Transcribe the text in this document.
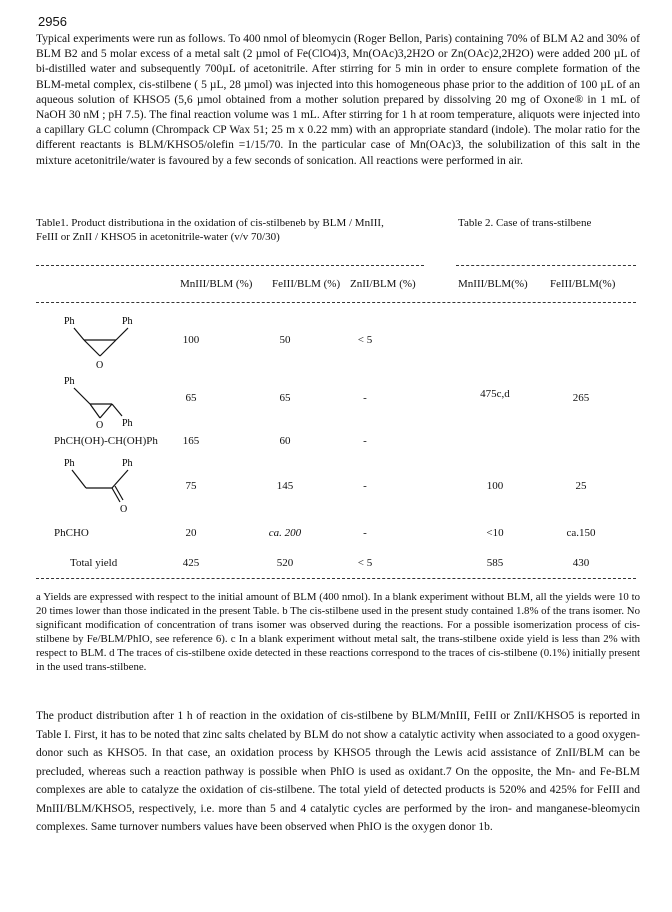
2956
Typical experiments were run as follows. To 400 nmol of bleomycin (Roger Bellon, Paris) containing 70% of BLM A2 and 30% of BLM B2 and 5 molar excess of a metal salt (2 µmol of Fe(ClO4)3, Mn(OAc)3,2H2O or Zn(OAc)2,2H2O) were added 200 µL of bi-distilled water and subsequently 700µL of acetonitrile. After stirring for 5 min in order to ensure complete formation of the BLM-metal complex, cis-stilbene ( 5 µL, 28 µmol) was injected into this homogeneous phase prior to the addition of 100 µL of an aqueous solution of KHSO5 (5,6 µmol obtained from a mother solution prepared by dissolving 20 mg of Oxone® in 1 mL of NaOH 30 nM ; pH 7.5). The final reaction volume was 1 mL. After stirring for 1 h at room temperature, aliquots were injected into a capillary GLC column (Chrompack CP Wax 51; 25 m x 0.22 mm) with an appropriate standard (indole). The molar ratio for the different reactants is BLM/KHSO5/olefin =1/15/70. In the particular case of Mn(OAc)3, the solubilization of this salt in the mixture acetonitrile/water is favoured by a few seconds of sonication. All reactions were performed in air.
Table1. Product distributiona in the oxidation of cis-stilbeneb by BLM / MnIII, FeIII or ZnII / KHSO5 in acetonitrile-water (v/v 70/30)
Table 2. Case of trans-stilbene
MnIII/BLM (%) FeIII/BLM (%) ZnII/BLM (%)	MnIII/BLM(%) FeIII/BLM(%)
Ph	Ph
O
100	50	< 5
Ph
O Ph
65	65	-	475c,d	265
PhCH(OH)-CH(OH)Ph	165	60	-
Ph	Ph
O
75	145	-	100	25
PhCHO	20	ca. 200	-	<10	ca.150
Total yield	425	520	< 5	585	430
a Yields are expressed with respect to the initial amount of BLM (400 nmol). In a blank experiment without BLM, all the yields were 10 to 20 times lower than those indicated in the present Table. b The cis-stilbene used in the present study contained 1.8% of the trans isomer. No significant modification of concentration of trans isomer was observed during the reactions. For a possible isomerization process of cis-stilbene by Fe/BLM/PhIO, see reference 6). c In a blank experiment without metal salt, the trans-stilbene oxide yield is less than 2% with respect to BLM. d The traces of cis-stilbene oxide detected in these reactions correspond to the traces of cis-stilbene (0.1%) initially present in the used trans-stilbene.
The product distribution after 1 h of reaction in the oxidation of cis-stilbene by BLM/MnIII, FeIII or ZnII/KHSO5 is reported in Table I. First, it has to be noted that zinc salts chelated by BLM do not show a catalytic activity when associated to a good oxygen-donor such as KHSO5. In that case, an oxidation process by KHSO5 through the Lewis acid assistance of ZnII/BLM can be precluded, whereas such a reaction pathway is possible when PhIO is used as oxidant.7 On the opposite, the Mn- and Fe-BLM complexes are able to catalyze the oxidation of cis-stilbene. The total yield of detected products is 520% and 425% for FeIII and MnIII/BLM/KHSO5, respectively, i.e. more than 5 and 4 catalytic cycles are performed by the iron- and manganese-bleomycin complexes. Same turnover numbers values have been observed when PhIO is the oxygen donor 1b.
